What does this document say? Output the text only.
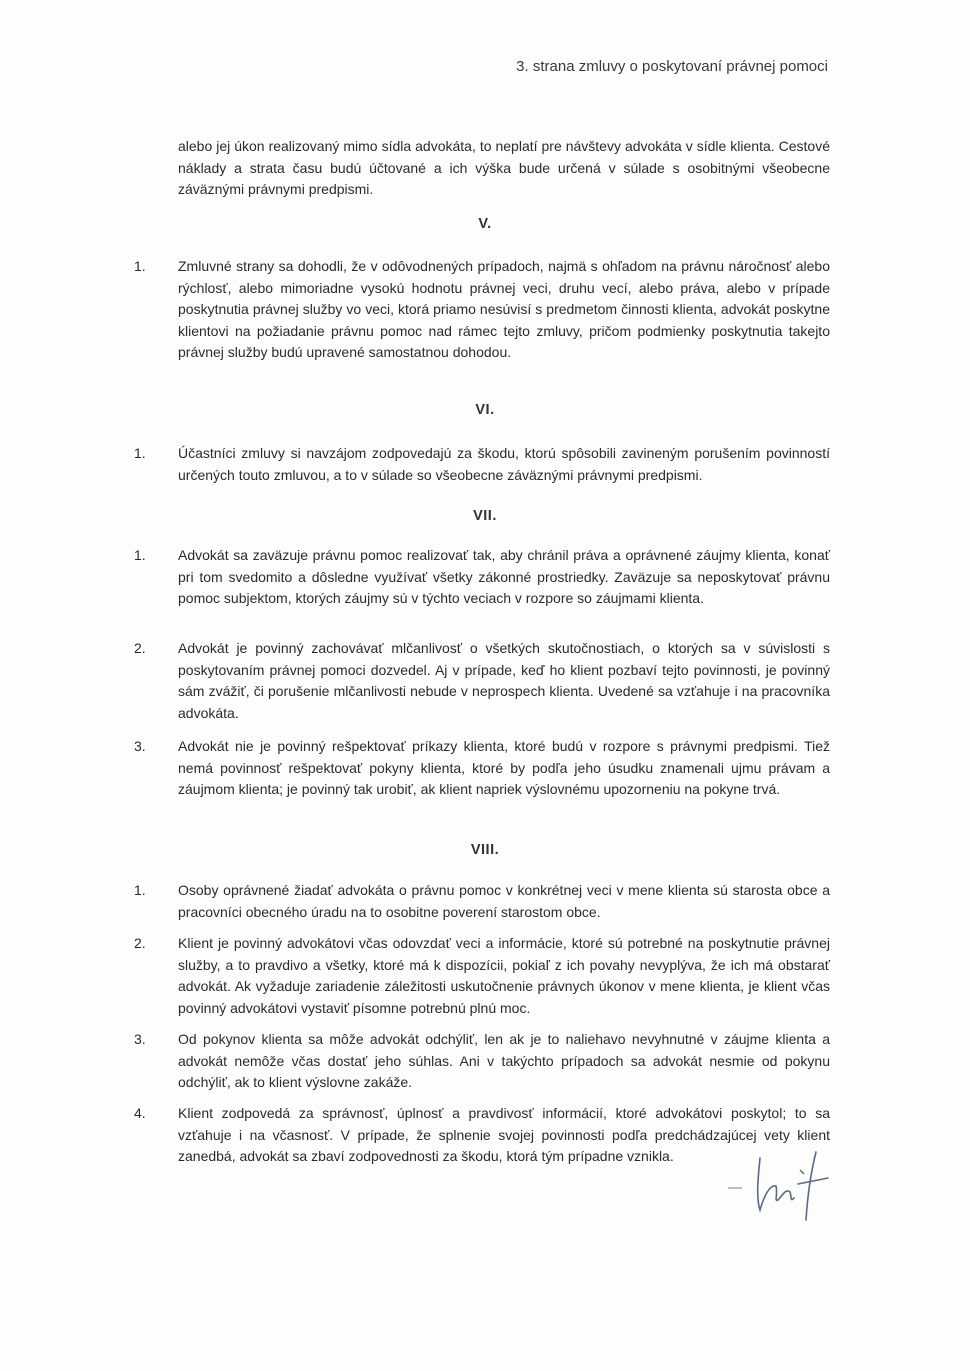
3. strana zmluvy o poskytovaní právnej pomoci
alebo jej úkon realizovaný mimo sídla advokáta, to neplatí pre návštevy advokáta v sídle klienta. Cestové náklady a strata času budú účtované a ich výška bude určená v súlade s osobitnými všeobecne záväznými právnymi predpismi.
V.
1. Zmluvné strany sa dohodli, že v odôvodnených prípadoch, najmä s ohľadom na právnu náročnosť alebo rýchlosť, alebo mimoriadne vysokú hodnotu právnej veci, druhu vecí, alebo práva, alebo v prípade poskytnutia právnej služby vo veci, ktorá priamo nesúvisí s predmetom činnosti klienta, advokát poskytne klientovi na požiadanie právnu pomoc nad rámec tejto zmluvy, pričom podmienky poskytnutia takejto právnej služby budú upravené samostatnou dohodou.
VI.
1. Účastníci zmluvy si navzájom zodpovedajú za škodu, ktorú spôsobili zavineným porušením povinností určených touto zmluvou, a to v súlade so všeobecne záväznými právnymi predpismi.
VII.
1. Advokát sa zaväzuje právnu pomoc realizovať tak, aby chránil práva a oprávnené záujmy klienta, konať pri tom svedomito a dôsledne využívať všetky zákonné prostriedky. Zaväzuje sa neposkytovať právnu pomoc subjektom, ktorých záujmy sú v týchto veciach v rozpore so záujmami klienta.
2. Advokát je povinný zachovávať mlčanlivosť o všetkých skutočnostiach, o ktorých sa v súvislosti s poskytovaním právnej pomoci dozvedel. Aj v prípade, keď ho klient pozbaví tejto povinnosti, je povinný sám zvážiť, či porušenie mlčanlivosti nebude v neprospech klienta. Uvedené sa vzťahuje i na pracovníka advokáta.
3. Advokát nie je povinný rešpektovať príkazy klienta, ktoré budú v rozpore s právnymi predpismi. Tiež nemá povinnosť rešpektovať pokyny klienta, ktoré by podľa jeho úsudku znamenali ujmu právam a záujmom klienta; je povinný tak urobiť, ak klient napriek výslovnému upozorneniu na pokyne trvá.
VIII.
1. Osoby oprávnené žiadať advokáta o právnu pomoc v konkrétnej veci v mene klienta sú starosta obce a pracovníci obecného úradu na to osobitne poverení starostom obce.
2. Klient je povinný advokátovi včas odovzdať veci a informácie, ktoré sú potrebné na poskytnutie právnej služby, a to pravdivo a všetky, ktoré má k dispozícii, pokiaľ z ich povahy nevyplýva, že ich má obstarať advokát. Ak vyžaduje zariadenie záležitosti uskutočnenie právnych úkonov v mene klienta, je klient včas povinný advokátovi vystaviť písomne potrebnú plnú moc.
3. Od pokynov klienta sa môže advokát odchýliť, len ak je to naliehavo nevyhnutné v záujme klienta a advokát nemôže včas dostať jeho súhlas. Ani v takýchto prípadoch sa advokát nesmie od pokynu odchýliť, ak to klient výslovne zakáže.
4. Klient zodpovedá za správnosť, úplnosť a pravdivosť informácií, ktoré advokátovi poskytol; to sa vzťahuje i na včasnosť. V prípade, že splnenie svojej povinnosti podľa predchádzajúcej vety klient zanedbá, advokát sa zbaví zodpovednosti za škodu, ktorá tým prípadne vznikla.
